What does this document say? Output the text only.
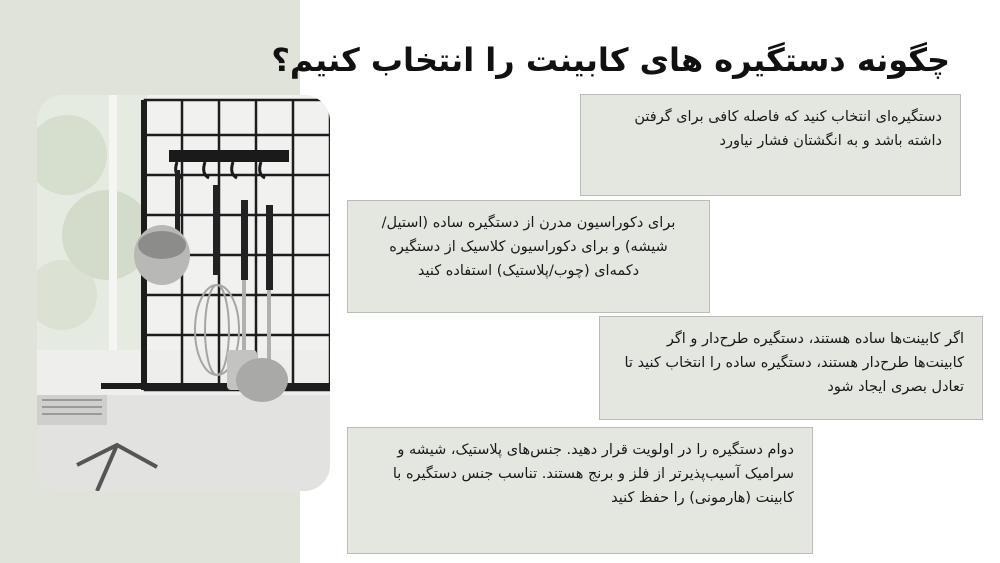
چگونه دستگیره های کابینت را انتخاب کنیم؟

دستگیره‌ای انتخاب کنید که فاصله کافی برای گرفتن داشته باشد و به انگشتان فشار نیاورد

برای دکوراسیون مدرن از دستگیره ساده (استیل/شیشه) و برای دکوراسیون کلاسیک از دستگیره دکمه‌ای (چوب/پلاستیک) استفاده کنید

اگر کابینت‌ها ساده هستند، دستگیره طرح‌دار و اگر کابینت‌ها طرح‌دار هستند، دستگیره ساده را انتخاب کنید تا تعادل بصری ایجاد شود

دوام دستگیره را در اولویت قرار دهید. جنس‌های پلاستیک، شیشه و سرامیک آسیب‌پذیرتر از فلز و برنج هستند. تناسب جنس دستگیره با کابینت (هارمونی) را حفظ کنید
